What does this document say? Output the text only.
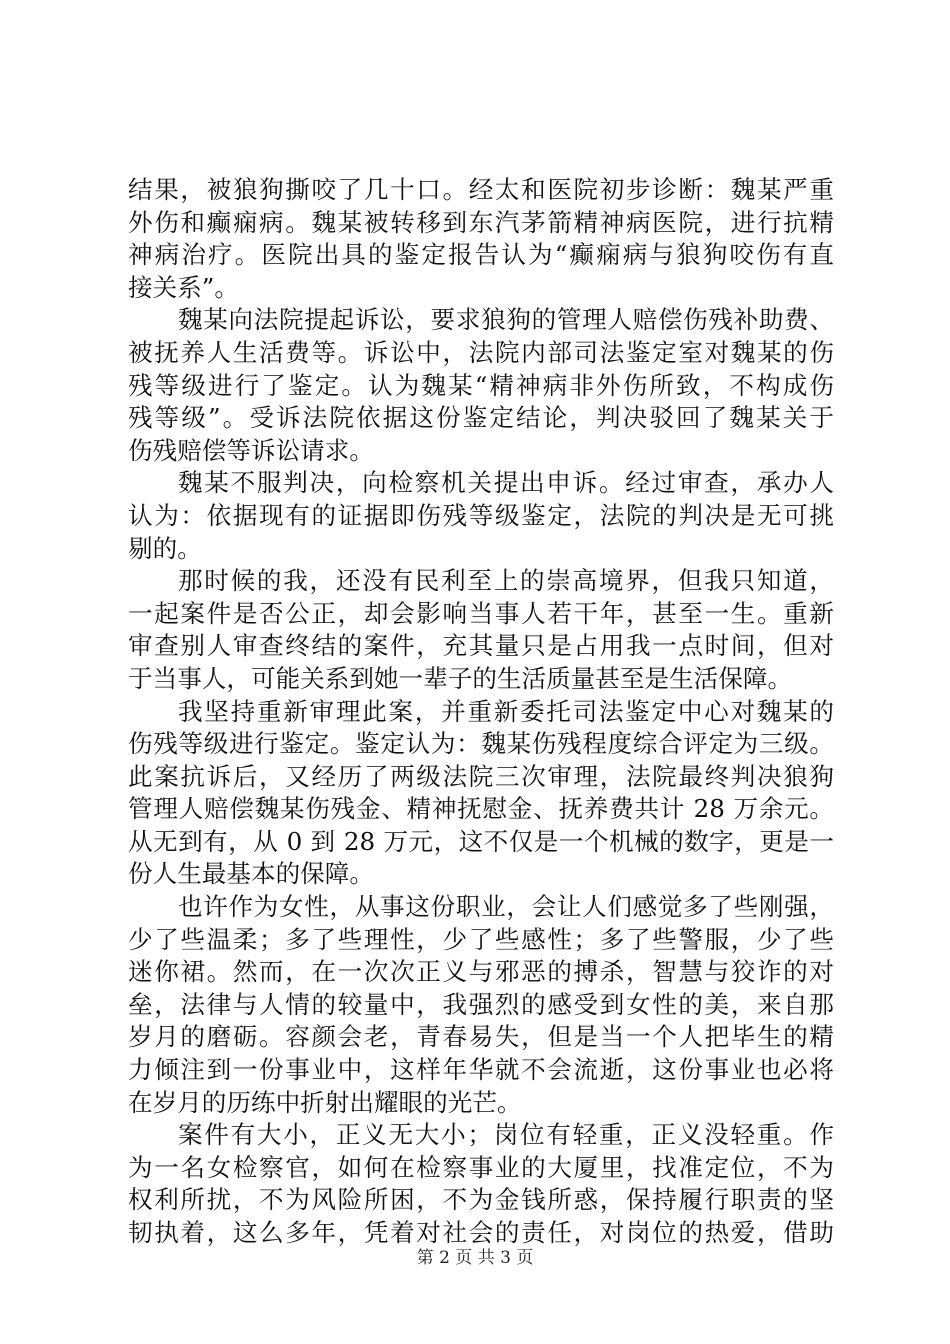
结果，被狼狗撕咬了几十口。经太和医院初步诊断：魏某严重
外伤和癫痫病。魏某被转移到东汽茅箭精神病医院，进行抗精
神病治疗。医院出具的鉴定报告认为“癫痫病与狼狗咬伤有直
接关系”。
魏某向法院提起诉讼，要求狼狗的管理人赔偿伤残补助费、
被抚养人生活费等。诉讼中，法院内部司法鉴定室对魏某的伤
残等级进行了鉴定。认为魏某“精神病非外伤所致，不构成伤
残等级”。受诉法院依据这份鉴定结论，判决驳回了魏某关于
伤残赔偿等诉讼请求。
魏某不服判决，向检察机关提出申诉。经过审查，承办人
认为：依据现有的证据即伤残等级鉴定，法院的判决是无可挑
剔的。
那时候的我，还没有民利至上的崇高境界，但我只知道，
一起案件是否公正，却会影响当事人若干年，甚至一生。重新
审查别人审查终结的案件，充其量只是占用我一点时间，但对
于当事人，可能关系到她一辈子的生活质量甚至是生活保障。
我坚持重新审理此案，并重新委托司法鉴定中心对魏某的
伤残等级进行鉴定。鉴定认为：魏某伤残程度综合评定为三级。
此案抗诉后，又经历了两级法院三次审理，法院最终判决狼狗
管理人赔偿魏某伤残金、精神抚慰金、抚养费共计 28 万余元。
从无到有，从 0 到 28 万元，这不仅是一个机械的数字，更是一
份人生最基本的保障。
也许作为女性，从事这份职业，会让人们感觉多了些刚强，
少了些温柔；多了些理性，少了些感性；多了些警服，少了些
迷你裙。然而，在一次次正义与邪恶的搏杀，智慧与狡诈的对
垒，法律与人情的较量中，我强烈的感受到女性的美，来自那
岁月的磨砺。容颜会老，青春易失，但是当一个人把毕生的精
力倾注到一份事业中，这样年华就不会流逝，这份事业也必将
在岁月的历练中折射出耀眼的光芒。
案件有大小，正义无大小；岗位有轻重，正义没轻重。作
为一名女检察官，如何在检察事业的大厦里，找准定位，不为
权利所扰，不为风险所困，不为金钱所惑，保持履行职责的坚
韧执着，这么多年，凭着对社会的责任，对岗位的热爱，借助
第 2 页 共 3 页
